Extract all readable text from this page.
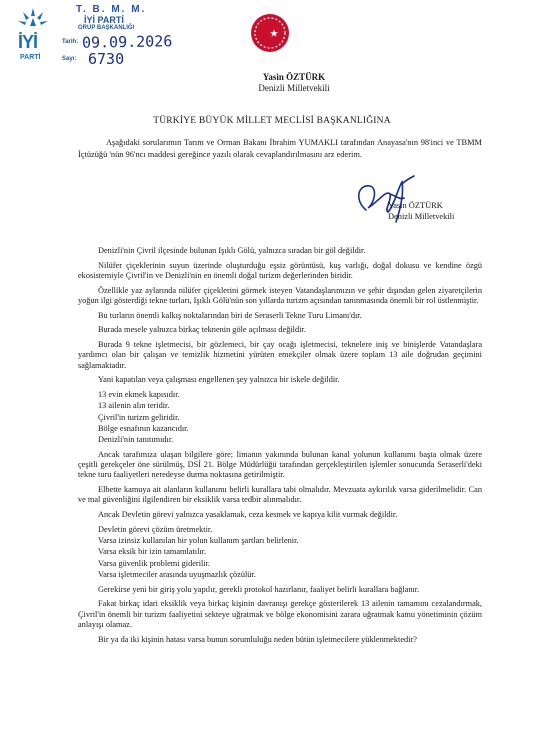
İYİ
PARTİ
T. B. M. M.
İYİ PARTİ
GRUP BAŞKANLIĞI
Tarih: 09.09.2026
Sayı: 6730
Yasin ÖZTÜRK
Denizli Milletvekili
TÜRKİYE BÜYÜK MİLLET MECLİSİ BAŞKANLIĞINA
Aşağıdaki sorularımın Tarım ve Orman Bakanı İbrahim YUMAKLI tarafından Anayasa'nın 98'inci ve TBMM İçtüzüğü 'nün 96'ncı maddesi gereğince yazılı olarak cevaplandırılmasını arz ederim.
Yasin ÖZTÜRK
Denizli Milletvekili

Denizli'nin Çivril ilçesinde bulunan Işıklı Gölü, yalnızca sıradan bir göl değildir.

Nilüfer çiçeklerinin suyun üzerinde oluşturduğu eşsiz görüntüsü, kuş varlığı, doğal dokusu ve kendine özgü ekosistemiyle Çivril'in ve Denizli'nin en önemli doğal turizm değerlerinden biridir.

Özellikle yaz aylarında nilüfer çiçeklerini görmek isteyen Vatandaşlarımızın ve şehir dışından gelen ziyaretçilerin yoğun ilgi gösterdiği tekne turları, Işıklı Gölü'nün son yıllarda turizm açısından tanınmasında önemli bir rol üstlenmiştir.

Bu turların önemli kalkış noktalarından biri de Seraserli Tekne Turu Limanı'dır.

Burada mesele yalnızca birkaç teknenin göle açılması değildir.

Burada 9 tekne işletmecisi, bir gözlemeci, bir çay ocağı işletmecisi, teknelere iniş ve binişlerde Vatandaşlara yardımcı olan bir çalışan ve temizlik hizmetini yürüten emekçiler olmak üzere toplam 13 aile doğrudan geçimini sağlamaktadır.

Yani kapatılan veya çalışması engellenen şey yalnızca bir iskele değildir.

13 evin ekmek kapısıdır.

13 ailenin alın teridir.

Çivril'in turizm geliridir.

Bölge esnafının kazancıdır.

Denizli'nin tanıtımıdır.

Ancak tarafımıza ulaşan bilgilere göre; limanın yakınında bulunan kanal yolunun kullanımı başta olmak üzere çeşitli gerekçeler öne sürülmüş, DSİ 21. Bölge Müdürlüğü tarafından gerçekleştirilen işlemler sonucunda Seraserli'deki tekne turu faaliyetleri neredeyse durma noktasına getirilmiştir.

Elbette kamuya ait alanların kullanımı belirli kurallara tabi olmalıdır. Mevzuata aykırılık varsa giderilmelidir. Can ve mal güvenliğini ilgilendiren bir eksiklik varsa tedbir alınmalıdır.

Ancak Devletin görevi yalnızca yasaklamak, ceza kesmek ve kapıya kilit vurmak değildir.

Devletin görevi çözüm üretmektir.

Varsa izinsiz kullanılan bir yolun kullanım şartları belirlenir.

Varsa eksik bir izin tamamlatılır.

Varsa güvenlik problemi giderilir.

Varsa işletmeciler arasında uyuşmazlık çözülür.

Gerekirse yeni bir giriş yolu yapılır, gerekli protokol hazırlanır, faaliyet belirli kurallara bağlanır.

Fakat birkaç idari eksiklik veya birkaç kişinin davranışı gerekçe gösterilerek 13 ailenin tamamını cezalandırmak, Çivril'in önemli bir turizm faaliyetini sekteye uğratmak ve bölge ekonomisini zarara uğratmak kamu yönetiminin çözüm anlayışı olamaz.

Bir ya da iki kişinin hatası varsa bunun sorumluluğu neden bütün işletmecilere yüklenmektedir?
